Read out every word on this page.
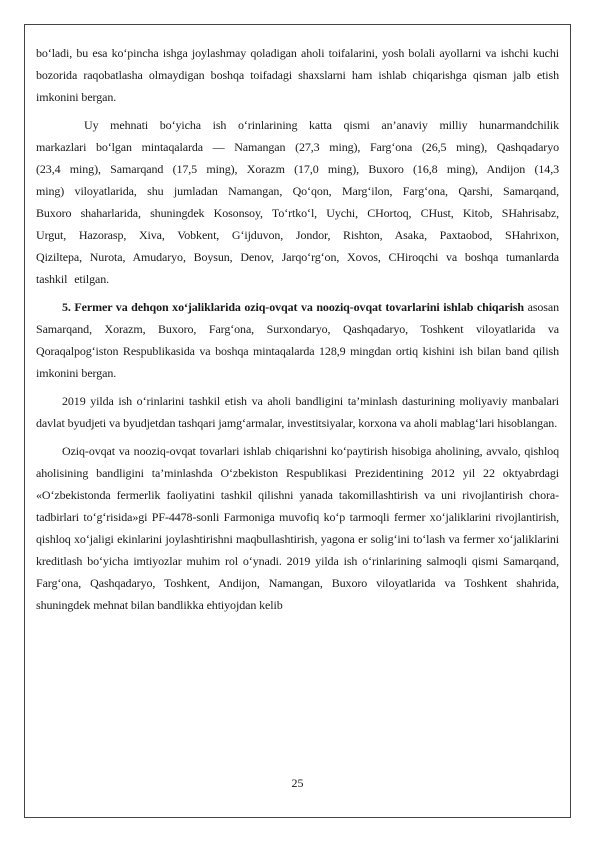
bo‘ladi, bu esa ko‘pincha ishga joylashmay qoladigan aholi toifalarini, yosh bolali ayollarni va ishchi kuchi bozorida raqobatlasha olmaydigan boshqa toifadagi shaxslarni ham ishlab chiqarishga qisman jalb etish imkonini bergan.

Uy mehnati bo‘yicha ish o‘rinlarining katta qismi an’anaviy milliy hunarmandchilik markazlari bo‘lgan mintaqalarda — Namangan (27,3 ming), Farg‘ona (26,5 ming), Qashqadaryo (23,4 ming), Samarqand (17,5 ming), Xorazm (17,0 ming), Buxoro (16,8 ming), Andijon (14,3 ming) viloyatlarida, shu jumladan Namangan, Qo‘qon, Marg‘ilon, Farg‘ona, Qarshi, Samarqand, Buxoro shaharlarida, shuningdek Kosonsoy, To‘rtko‘l, Uychi, CHortoq, CHust, Kitob, SHahrisabz, Urgut, Hazorasp, Xiva, Vobkent, G‘ijduvon, Jondor, Rishton, Asaka, Paxtaobod, SHahrixon, Qiziltepa, Nurota, Amudaryo, Boysun, Denov, Jarqo‘rg‘on, Xovos, CHiroqchi va boshqa tumanlarda tashkil etilgan.

5. Fermer va dehqon xo‘jaliklarida oziq-ovqat va nooziq-ovqat tovarlarini ishlab chiqarish asosan Samarqand, Xorazm, Buxoro, Farg‘ona, Surxondaryo, Qashqadaryo, Toshkent viloyatlarida va Qoraqalpog‘iston Respublikasida va boshqa mintaqalarda 128,9 mingdan ortiq kishini ish bilan band qilish imkonini bergan.

2019 yilda ish o‘rinlarini tashkil etish va aholi bandligini ta’minlash dasturining moliyaviy manbalari davlat byudjeti va byudjetdan tashqari jamg‘armalar, investitsiyalar, korxona va aholi mablag‘lari hisoblangan.

Oziq-ovqat va nooziq-ovqat tovarlari ishlab chiqarishni ko‘paytirish hisobiga aholining, avvalo, qishloq aholisining bandligini ta’minlashda O‘zbekiston Respublikasi Prezidentining 2012 yil 22 oktyabrdagi «O‘zbekistonda fermerlik faoliyatini tashkil qilishni yanada takomillashtirish va uni rivojlantirish chora-tadbirlari to‘g‘risida»gi PF-4478-sonli Farmoniga muvofiq ko‘p tarmoqli fermer xo‘jaliklarini rivojlantirish, qishloq xo‘jaligi ekinlarini joylashtirishni maqbullashtirish, yagona er solig‘ini to‘lash va fermer xo‘jaliklarini kreditlash bo‘yicha imtiyozlar muhim rol o‘ynadi. 2019 yilda ish o‘rinlarining salmoqli qismi Samarqand, Farg‘ona, Qashqadaryo, Toshkent, Andijon, Namangan, Buxoro viloyatlarida va Toshkent shahrida, shuningdek mehnat bilan bandlikka ehtiyojdan kelib

25
